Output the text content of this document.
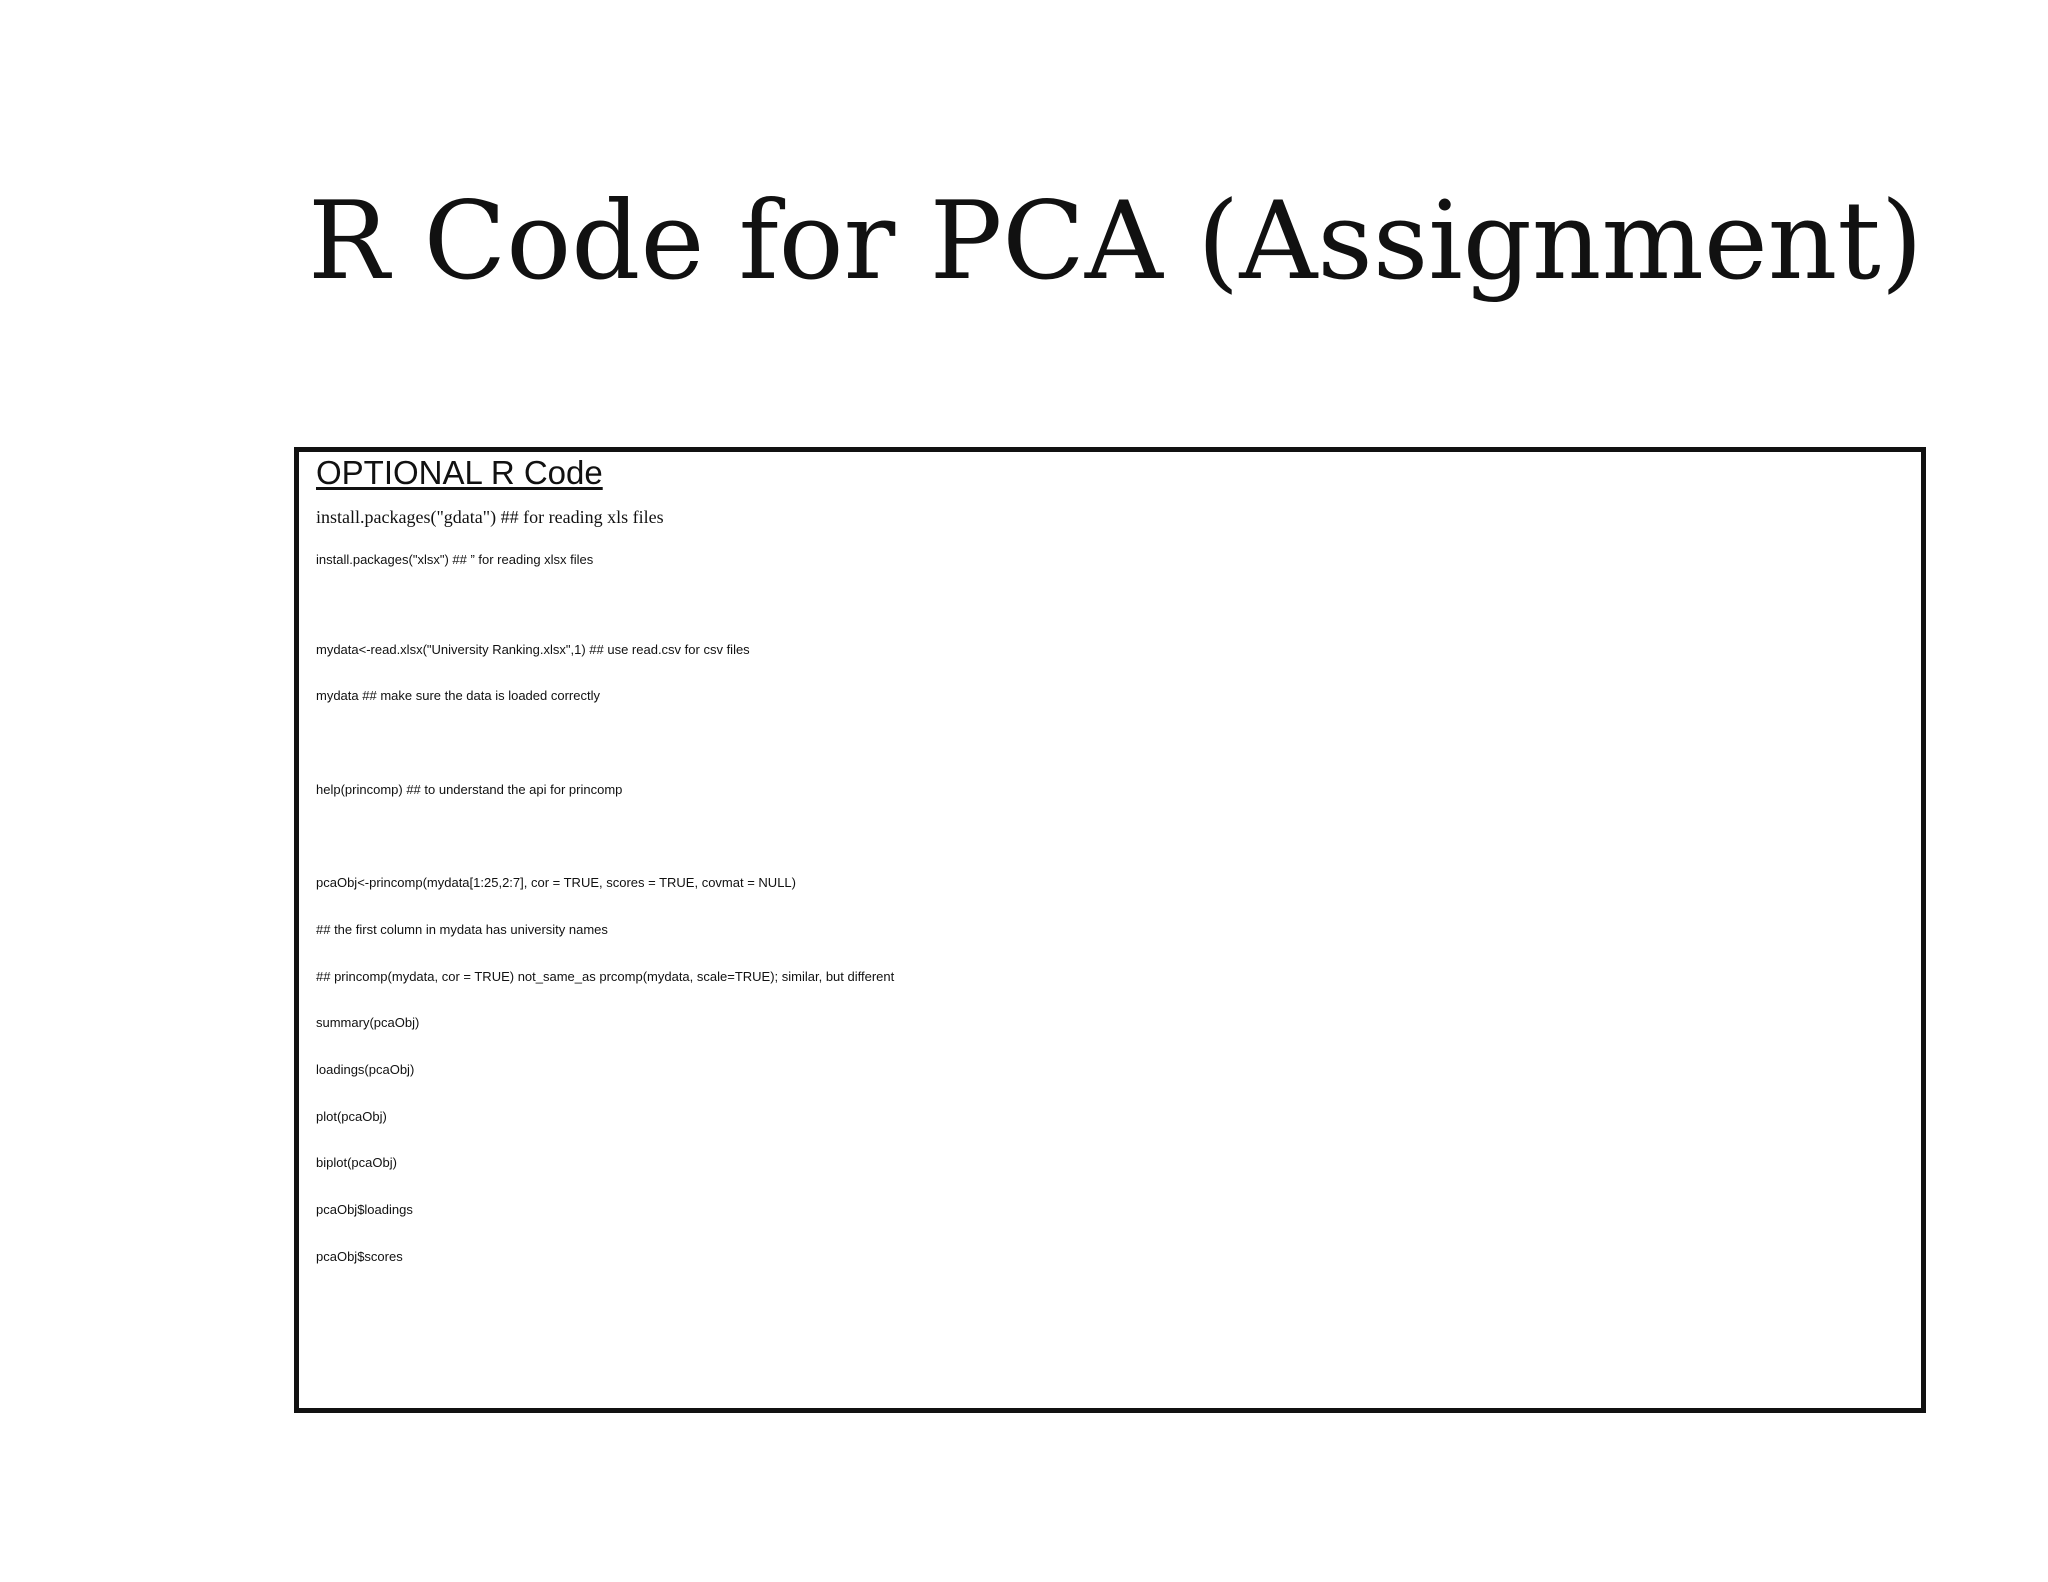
R Code for PCA (Assignment)
OPTIONAL R Code
install.packages("gdata") ## for reading xls files
install.packages("xlsx") ## ” for reading xlsx files
mydata<-read.xlsx("University Ranking.xlsx",1) ## use read.csv for csv files
mydata ## make sure the data is loaded correctly
help(princomp) ## to understand the api for princomp
pcaObj<-princomp(mydata[1:25,2:7], cor = TRUE, scores = TRUE, covmat = NULL)
## the first column in mydata has university names
## princomp(mydata, cor = TRUE) not_same_as prcomp(mydata, scale=TRUE); similar, but different
summary(pcaObj)
loadings(pcaObj)
plot(pcaObj)
biplot(pcaObj)
pcaObj$loadings
pcaObj$scores
